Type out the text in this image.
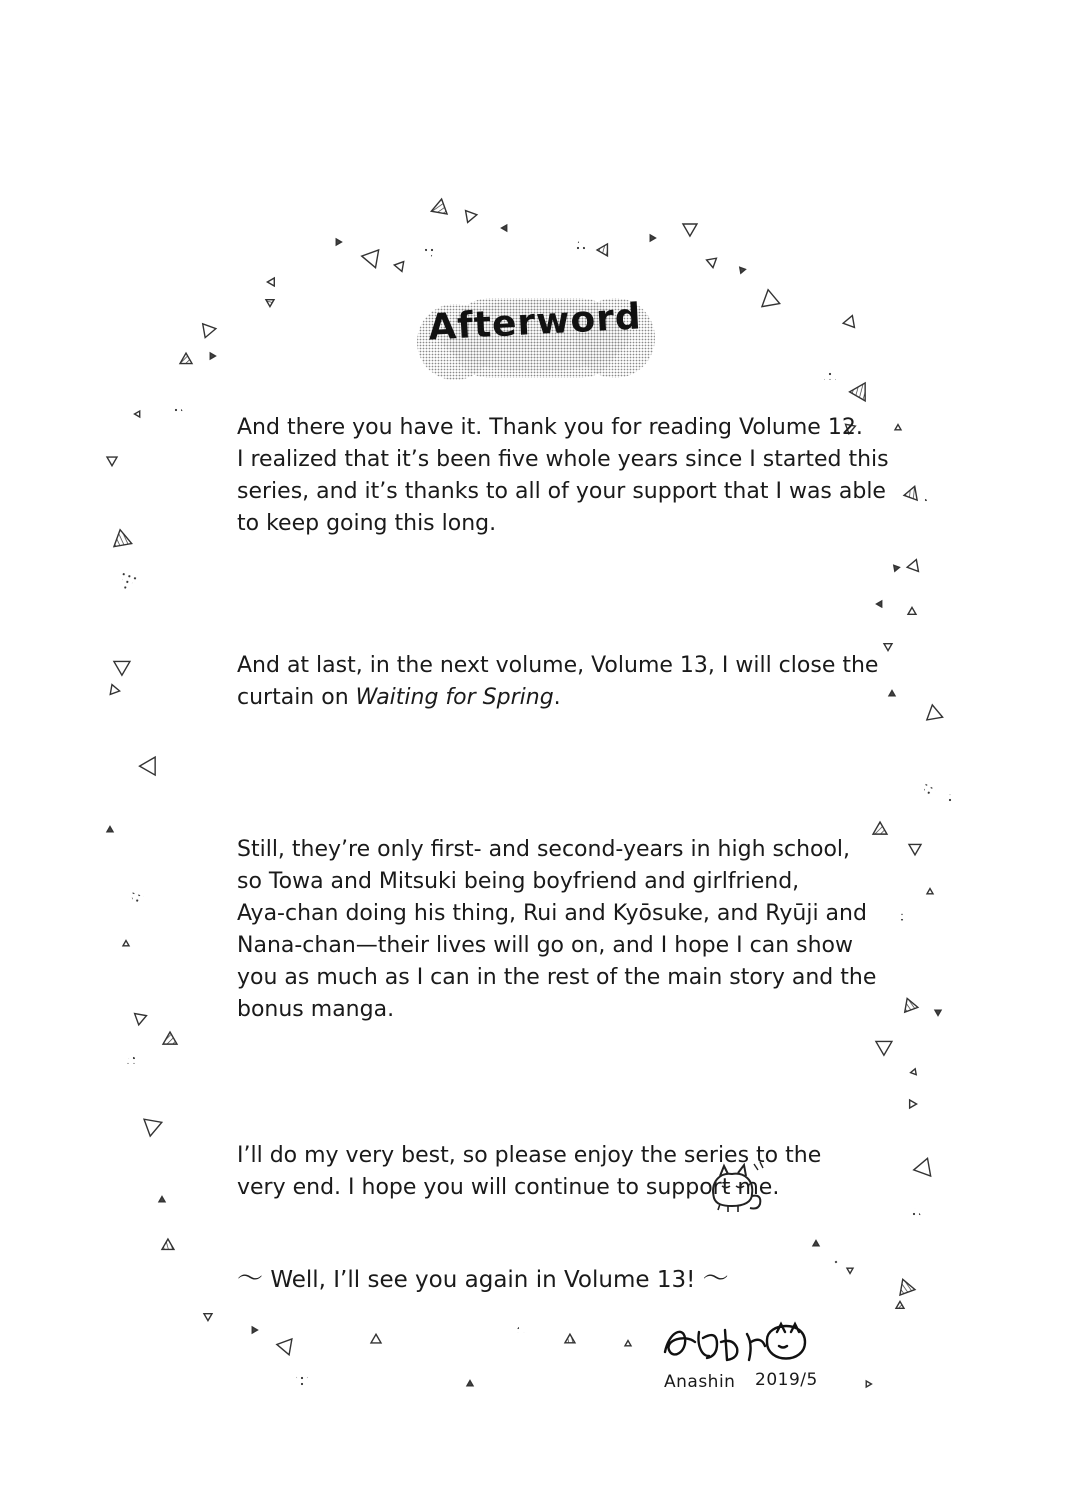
Afterword

And there you have it. Thank you for reading Volume 12.
I realized that it’s been five whole years since I started this
series, and it’s thanks to all of your support that I was able
to keep going this long.

And at last, in the next volume, Volume 13, I will close the
curtain on Waiting for Spring.

Still, they’re only first- and second-years in high school,
so Towa and Mitsuki being boyfriend and girlfriend,
Aya-chan doing his thing, Rui and Kyōsuke, and Ryūji and
Nana-chan—their lives will go on, and I hope I can show
you as much as I can in the rest of the main story and the
bonus manga.

I’ll do my very best, so please enjoy the series to the
very end. I hope you will continue to support me.

〜 Well, I’ll see you again in Volume 13! 〜
Anashin 2019/5
